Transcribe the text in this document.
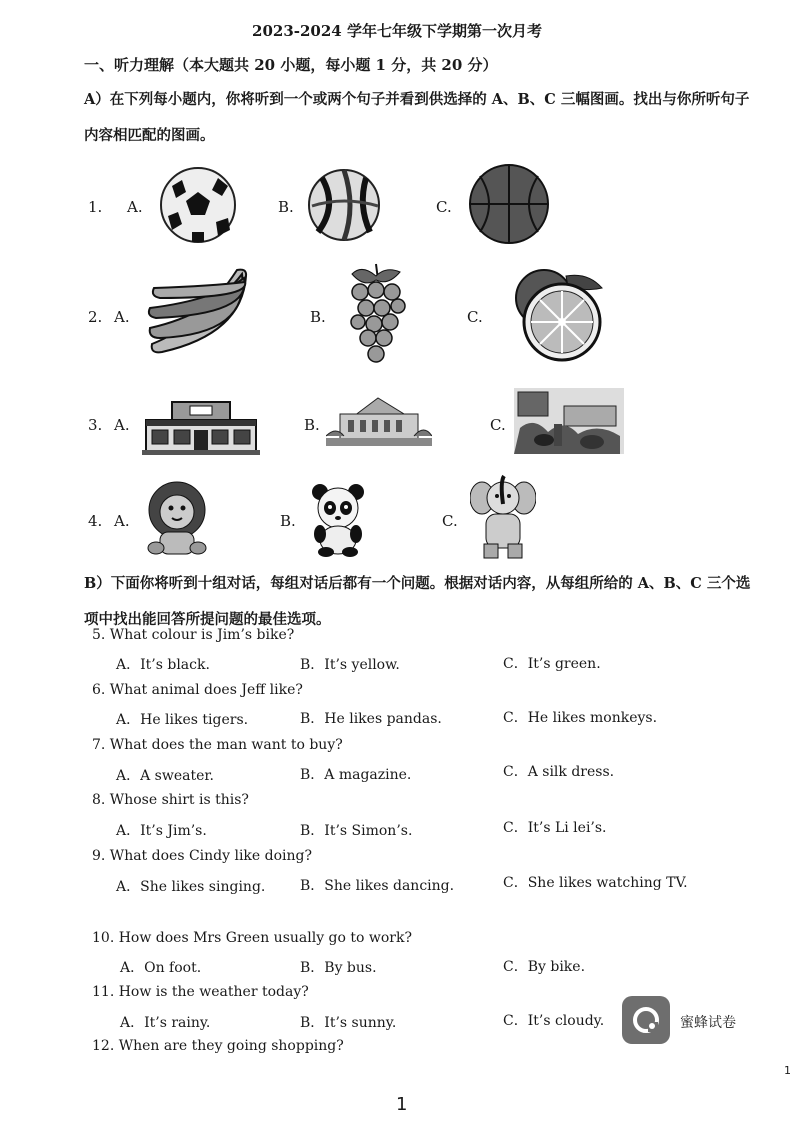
2023-2024 学年七年级下学期第一次月考
一、听力理解（本大题共 20 小题，每小题 1 分，共 20 分）
A）在下列每小题内，你将听到一个或两个句子并看到供选择的 A、B、C 三幅图画。找出与你所听句子内容相匹配的图画。
1. A.	B.	C.
2. A.	B.	C.
3. A.	B.	C.
4. A.	B.	C.
B）下面你将听到十组对话，每组对话后都有一个问题。根据对话内容，从每组所给的 A、B、C 三个选项中找出能回答所提问题的最佳选项。
5. What colour is Jim’s bike?
A．It’s black.	B．It’s yellow.	C．It’s green.
6. What animal does Jeff like?
A．He likes tigers.	B．He likes pandas.	C．He likes monkeys.
7. What does the man want to buy?
A．A sweater.	B．A magazine.	C．A silk dress.
8. Whose shirt is this?
A．It’s Jim’s.	B．It’s Simon’s.	C．It’s Li lei’s.
9. What does Cindy like doing?
A．She likes singing. B．She likes dancing.	C．She likes watching TV.
10. How does Mrs Green usually go to work?
A．On foot.	B．By bus.	C．By bike.
11. How is the weather today?
A．It’s rainy.	B．It’s sunny.	C．It’s cloudy.
12. When are they going shopping?
蜜蜂试卷
1
1
